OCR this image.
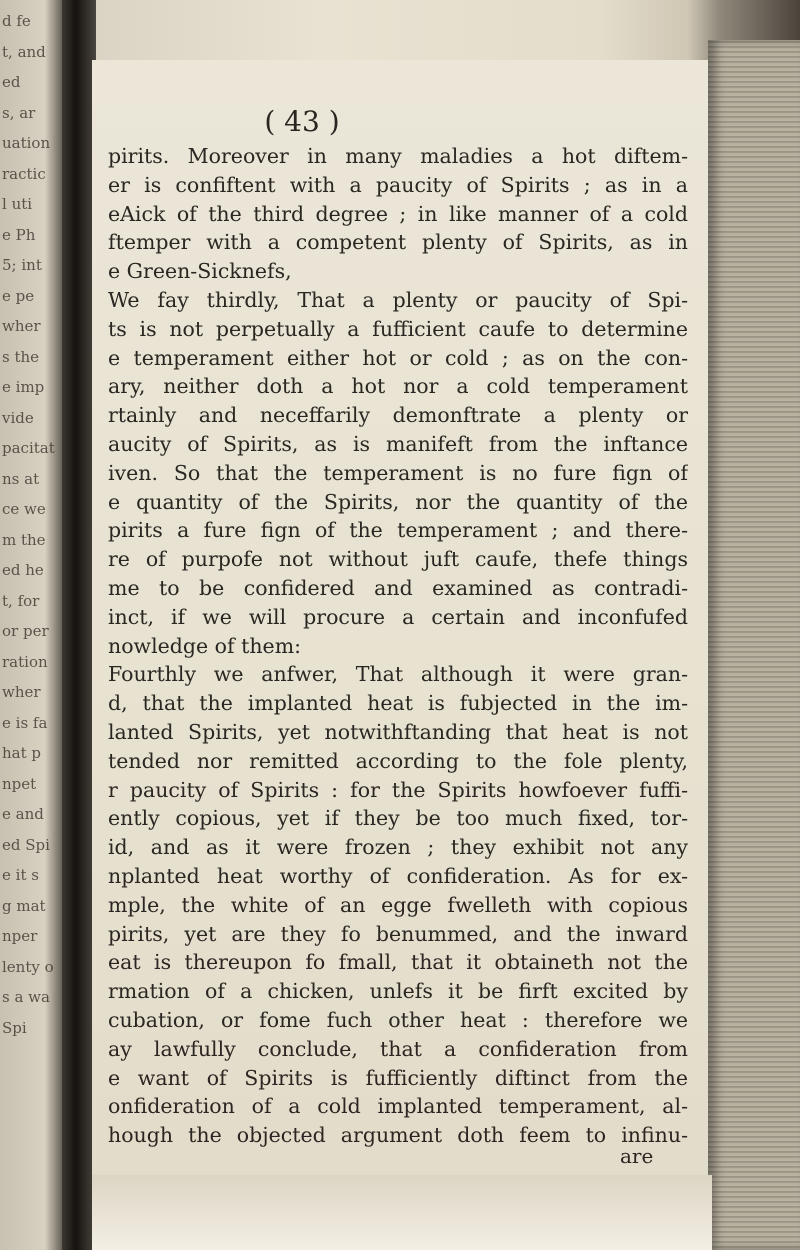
d fe
t, and
ed
s, ar
uation
ractic
l uti
e Ph
5; int
e pe
wher
s the
e imp
vide
pacitat
ns at
ce we
m the
ed he
t, for
or per
ration
wher
e is fa
hat p
npet
e and
ed Spi
e it s
g mat
nper
lenty o
s a wa
Spi

( 43 )

pirits. Moreover in many maladies a hot diftem-
er is confiftent with a paucity of Spirits ; as in a
eAick of the third degree ; in like manner of a cold
ftemper with a competent plenty of Spirits, as in
e Green-Sicknefs,
We fay thirdly, That a plenty or paucity of Spi-
ts is not perpetually a fufficient caufe to determine
e temperament either hot or cold ; as on the con-
ary, neither doth a hot nor a cold temperament
rtainly and neceffarily demonftrate a plenty or
aucity of Spirits, as is manifeft from the inftance
iven. So that the temperament is no fure fign of
e quantity of the Spirits, nor the quantity of the
pirits a fure fign of the temperament ; and there-
re of purpofe not without juft caufe, thefe things
me to be confidered and examined as contradi-
inct, if we will procure a certain and inconfufed
nowledge of them:
Fourthly we anfwer, That although it were gran-
d, that the implanted heat is fubjected in the im-
lanted Spirits, yet notwithftanding that heat is not
tended nor remitted according to the fole plenty,
r paucity of Spirits : for the Spirits howfoever fuffi-
ently copious, yet if they be too much fixed, tor-
id, and as it were frozen ; they exhibit not any
nplanted heat worthy of confideration. As for ex-
mple, the white of an egge fwelleth with copious
pirits, yet are they fo benummed, and the inward
eat is thereupon fo fmall, that it obtaineth not the
rmation of a chicken, unlefs it be firft excited by
cubation, or fome fuch other heat : therefore we
ay lawfully conclude, that a confideration from
e want of Spirits is fufficiently diftinct from the
onfideration of a cold implanted temperament, al-
hough the objected argument doth feem to infinu-

are
